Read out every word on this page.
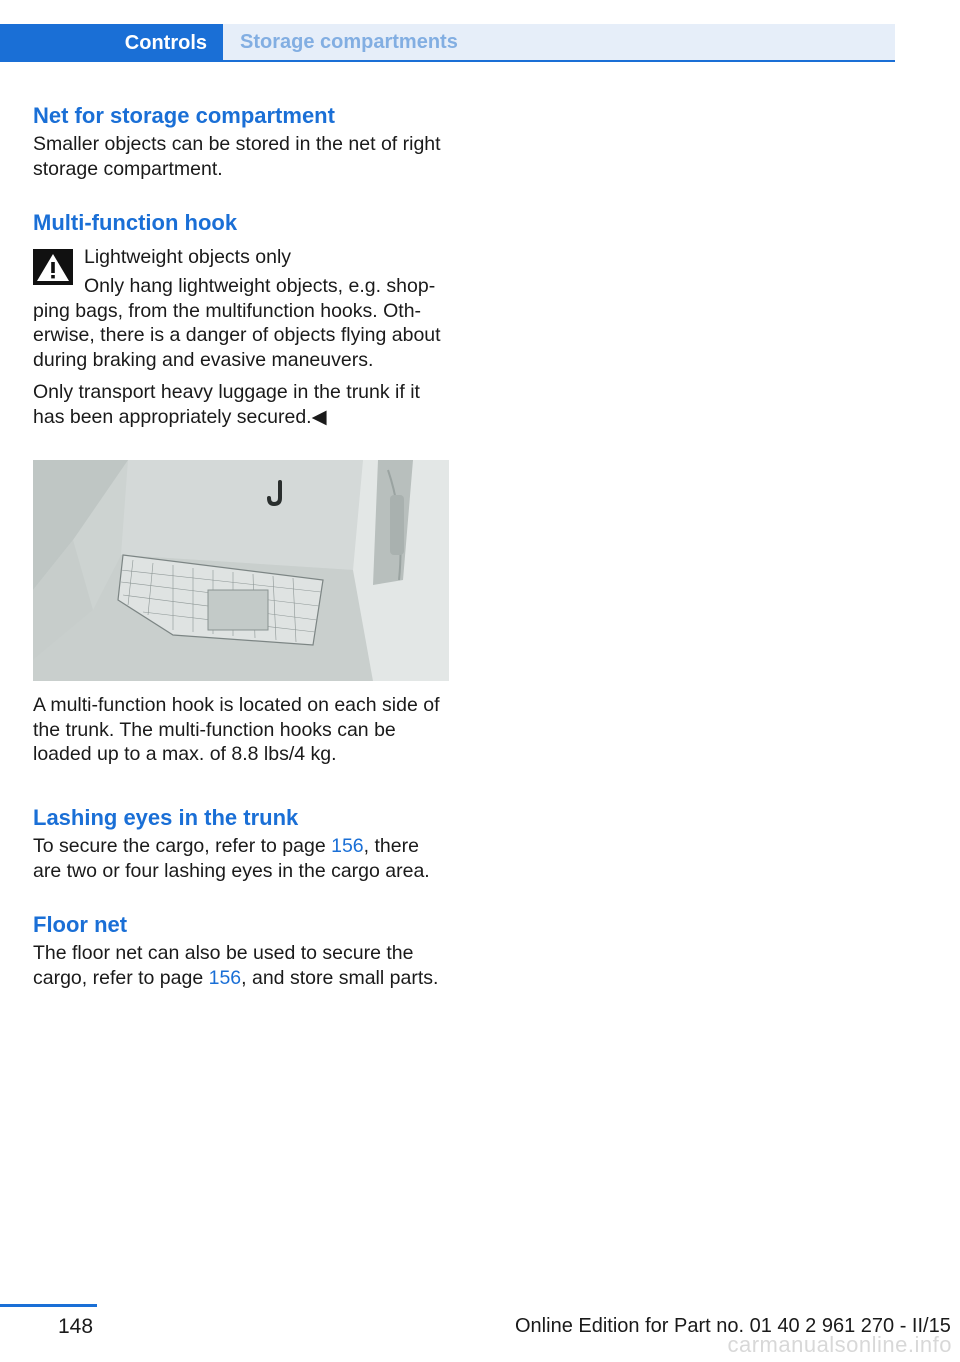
Controls	Storage compartments
Net for storage compartment

Smaller objects can be stored in the net of right storage compartment.

Multi-function hook

Lightweight objects only

Only hang lightweight objects, e.g. shop-ping bags, from the multifunction hooks. Oth-erwise, there is a danger of objects flying about during braking and evasive maneuvers.

Only transport heavy luggage in the trunk if it has been appropriately secured.◀

A multi-function hook is located on each side of the trunk. The multi-function hooks can be loaded up to a max. of 8.8 lbs/4 kg.

Lashing eyes in the trunk

To secure the cargo, refer to page 156, there are two or four lashing eyes in the cargo area.

Floor net

The floor net can also be used to secure the cargo, refer to page 156, and store small parts.

148	Online Edition for Part no. 01 40 2 961 270 - II/15
carmanualsonline.info
